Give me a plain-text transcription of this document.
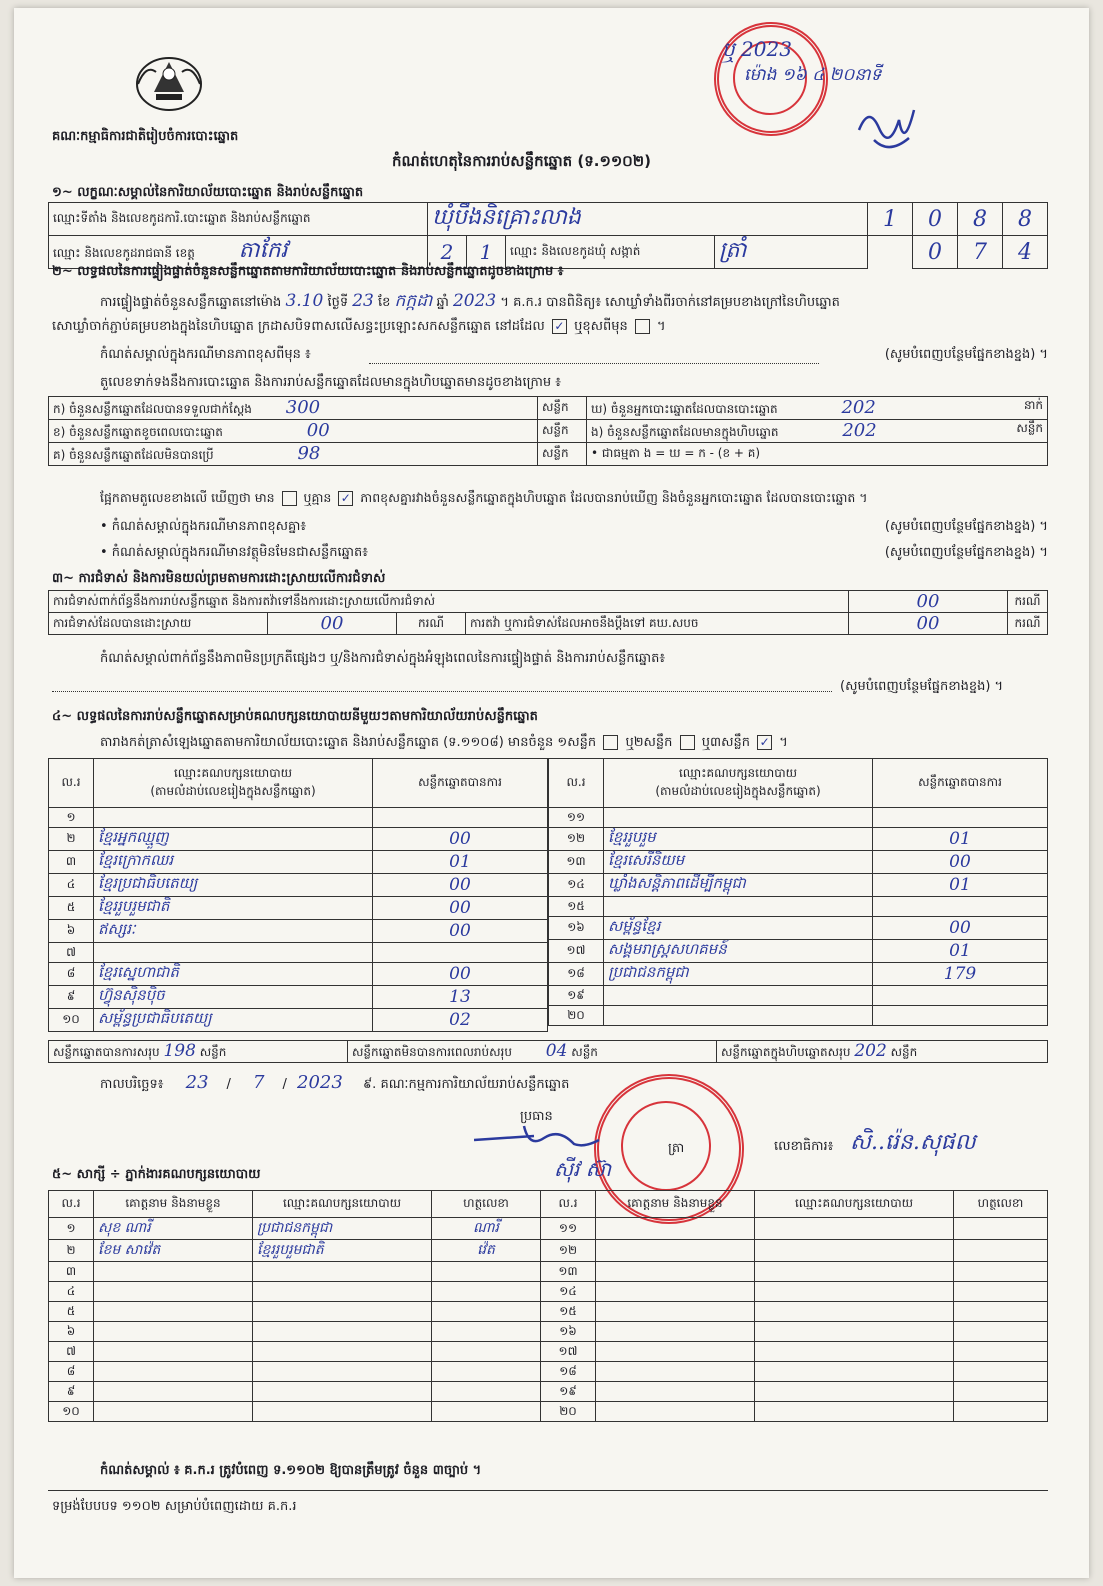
គណៈកម្មាធិការជាតិរៀបចំការបោះឆ្នោត
ឬ 2023
ម៉ោង ១៦ ៤ ២០នាទី
កំណត់ហេតុនៃការរាប់សន្លឹកឆ្នោត (ទ.១១០២)
១~ លក្ខណៈសម្គាល់នៃការិយាល័យបោះឆ្នោត និងរាប់សន្លឹកឆ្នោត
ឈ្មោះទីតាំង និងលេខកូដការិ.បោះឆ្នោត និងរាប់សន្លឹកឆ្នោត	ឃុំបឹងនិគ្រោះលាង				1	0	8	8
ឈ្មោះ និងលេខកូដរាជធានី ខេត្ត តាកែវ	2	1	ឈ្មោះ និងលេខកូដឃុំ សង្កាត់	ត្រាំ		0	7	4
២~ លទ្ធផលនៃការផ្ទៀងផ្ទាត់ចំនួនសន្លឹកឆ្នោតតាមការិយាល័យបោះឆ្នោត និងរាប់សន្លឹកឆ្នោតដូចខាងក្រោម ៖
ការផ្ទៀងផ្ទាត់ចំនួនសន្លឹកឆ្នោតនៅម៉ោង 3.10 ថ្ងៃទី 23 ខែ កក្កដា ឆ្នាំ 2023 ។ គ.ក.រ បានពិនិត្យ៖ សោឃ្លាំទាំងពីរចាក់នៅគម្របខាងក្រៅនៃហិបឆ្នោត
សោឃ្លាំចាក់ភ្ជាប់គម្របខាងក្នុងនៃហិបឆ្នោត ក្រដាសបិទពាសលើសន្ធះប្រឡោះសកសន្លឹកឆ្នោត នៅដដែល ✓ ឬខុសពីមុន  ។
កំណត់សម្គាល់ក្នុងករណីមានភាពខុសពីមុន ៖	(សូមបំពេញបន្ថែមផ្នែកខាងខ្នង) ។
តួលេខទាក់ទងនឹងការបោះឆ្នោត និងការរាប់សន្លឹកឆ្នោតដែលមានក្នុងហិបឆ្នោតមានដូចខាងក្រោម ៖
ក) ចំនួនសន្លឹកឆ្នោតដែលបានទទួលជាក់ស្តែង 300	សន្លឹក	ឃ) ចំនួនអ្នកបោះឆ្នោតដែលបានបោះឆ្នោត 202 នាក់

ខ) ចំនួនសន្លឹកឆ្នោតខូចពេលបោះឆ្នោត 00	សន្លឹក	ង) ចំនួនសន្លឹកឆ្នោតដែលមានក្នុងហិបឆ្នោត 202 សន្លឹក

គ) ចំនួនសន្លឹកឆ្នោតដែលមិនបានប្រើ 98	សន្លឹក	• ជាធម្មតា ង = ឃ = ក - (ខ + គ)
ផ្អែកតាមតួលេខខាងលើ ឃើញថា មាន ឬគ្មាន ✓ ភាពខុសគ្នារវាងចំនួនសន្លឹកឆ្នោតក្នុងហិបឆ្នោត ដែលបានរាប់ឃើញ និងចំនួនអ្នកបោះឆ្នោត ដែលបានបោះឆ្នោត ។
• កំណត់សម្គាល់ក្នុងករណីមានភាពខុសគ្នា៖	(សូមបំពេញបន្ថែមផ្នែកខាងខ្នង) ។
• កំណត់សម្គាល់ក្នុងករណីមានវត្ថុមិនមែនជាសន្លឹកឆ្នោត៖	(សូមបំពេញបន្ថែមផ្នែកខាងខ្នង) ។
៣~ ការជំទាស់ និងការមិនយល់ព្រមតាមការដោះស្រាយលើការជំទាស់
ការជំទាស់ពាក់ព័ន្ធនឹងការរាប់សន្លឹកឆ្នោត និងការតវ៉ាទៅនឹងការដោះស្រាយលើការជំទាស់				00	ករណី
ការជំទាស់ដែលបានដោះស្រាយ	00	ករណី	ការតវ៉ា ឬការជំទាស់ដែលអាចនឹងប្តឹងទៅ គឃ.សបច	00	ករណី
កំណត់សម្គាល់ពាក់ព័ន្ធនឹងភាពមិនប្រក្រតីផ្សេងៗ ឬ/និងការជំទាស់ក្នុងអំឡុងពេលនៃការផ្ទៀងផ្ទាត់ និងការរាប់សន្លឹកឆ្នោត៖
(សូមបំពេញបន្ថែមផ្នែកខាងខ្នង) ។
៤~ លទ្ធផលនៃការរាប់សន្លឹកឆ្នោតសម្រាប់គណបក្សនយោបាយនីមួយៗតាមការិយាល័យរាប់សន្លឹកឆ្នោត
តារាងកត់ត្រាសំឡេងឆ្នោតតាមការិយាល័យបោះឆ្នោត និងរាប់សន្លឹកឆ្នោត (ទ.១១០៨) មានចំនួន ១សន្លឹក ឬ២សន្លឹក ឬ៣សន្លឹក ✓ ។
ល.រ	ឈ្មោះគណបក្សនយោបាយ
(តាមលំដាប់លេខរៀងក្នុងសន្លឹកឆ្នោត)	សន្លឹកឆ្នោតបានការ
១		
២	ខ្មែរអ្នកឈ្មួញ	00
៣	ខ្មែរក្រោកឈរ	01
៤	ខ្មែរប្រជាធិបតេយ្យ	00
៥	ខ្មែររួបរួមជាតិ	00
៦	ឥស្សរៈ	00
៧		
៨	ខ្មែរស្នេហាជាតិ	00
៩	ហ៊្វុនស៊ិនប៉ិច	13
១០	សម្ព័ន្ធប្រជាធិបតេយ្យ	02
ល.រ	ឈ្មោះគណបក្សនយោបាយ
(តាមលំដាប់លេខរៀងក្នុងសន្លឹកឆ្នោត)	សន្លឹកឆ្នោតបានការ
១១		
១២	ខ្មែររួបរួម	01
១៣	ខ្មែរសេរីនិយម	00
១៤	ឃ្លាំងសន្តិភាពដើម្បីកម្ពុជា	01
១៥		
១៦	សម្ព័ន្ធខ្មែរ	00
១៧	សង្គមរាស្ត្រសហគមន៍	01
១៨	ប្រជាជនកម្ពុជា	179
១៩		
២០		
សន្លឹកឆ្នោតបានការសរុប 198 សន្លឹក	សន្លឹកឆ្នោតមិនបានការពេលរាប់សរុប 04 សន្លឹក	សន្លឹកឆ្នោតក្នុងហិបឆ្នោតសរុប 202 សន្លឹក
កាលបរិច្ឆេទ៖ 23 / 7 / 2023 ៩. គណៈកម្មការការិយាល័យរាប់សន្លឹកឆ្នោត
ប្រធាន
ស៊ីវ ស៊ា
ត្រា	លេខាធិការ៖ សិ..រ៉េន.សុផល
៥~ សាក្សី ÷ ភ្នាក់ងារគណបក្សនយោបាយ
ល.រ	គោត្តនាម និងនាមខ្លួន	ឈ្មោះគណបក្សនយោបាយ	ហត្ថលេខា	ល.រ	គោត្តនាម និងនាមខ្លួន	ឈ្មោះគណបក្សនយោបាយ	ហត្ថលេខា
១	សុខ ណារី	ប្រជាជនកម្ពុជា	ណារី	១១			
២	ខែម សាវ៉េត	ខ្មែររួបរួមជាតិ	វ៉េត	១២			
៣				១៣			
៤				១៤			
៥				១៥			
៦				១៦			
៧				១៧			
៨				១៨			
៩				១៩			
១០				២០			
កំណត់សម្គាល់ ៖ គ.ក.រ ត្រូវបំពេញ ទ.១១០២ ឱ្យបានត្រឹមត្រូវ ចំនួន ៣ច្បាប់ ។
ទម្រង់បែបបទ ១១០២ សម្រាប់បំពេញដោយ គ.ក.រ
